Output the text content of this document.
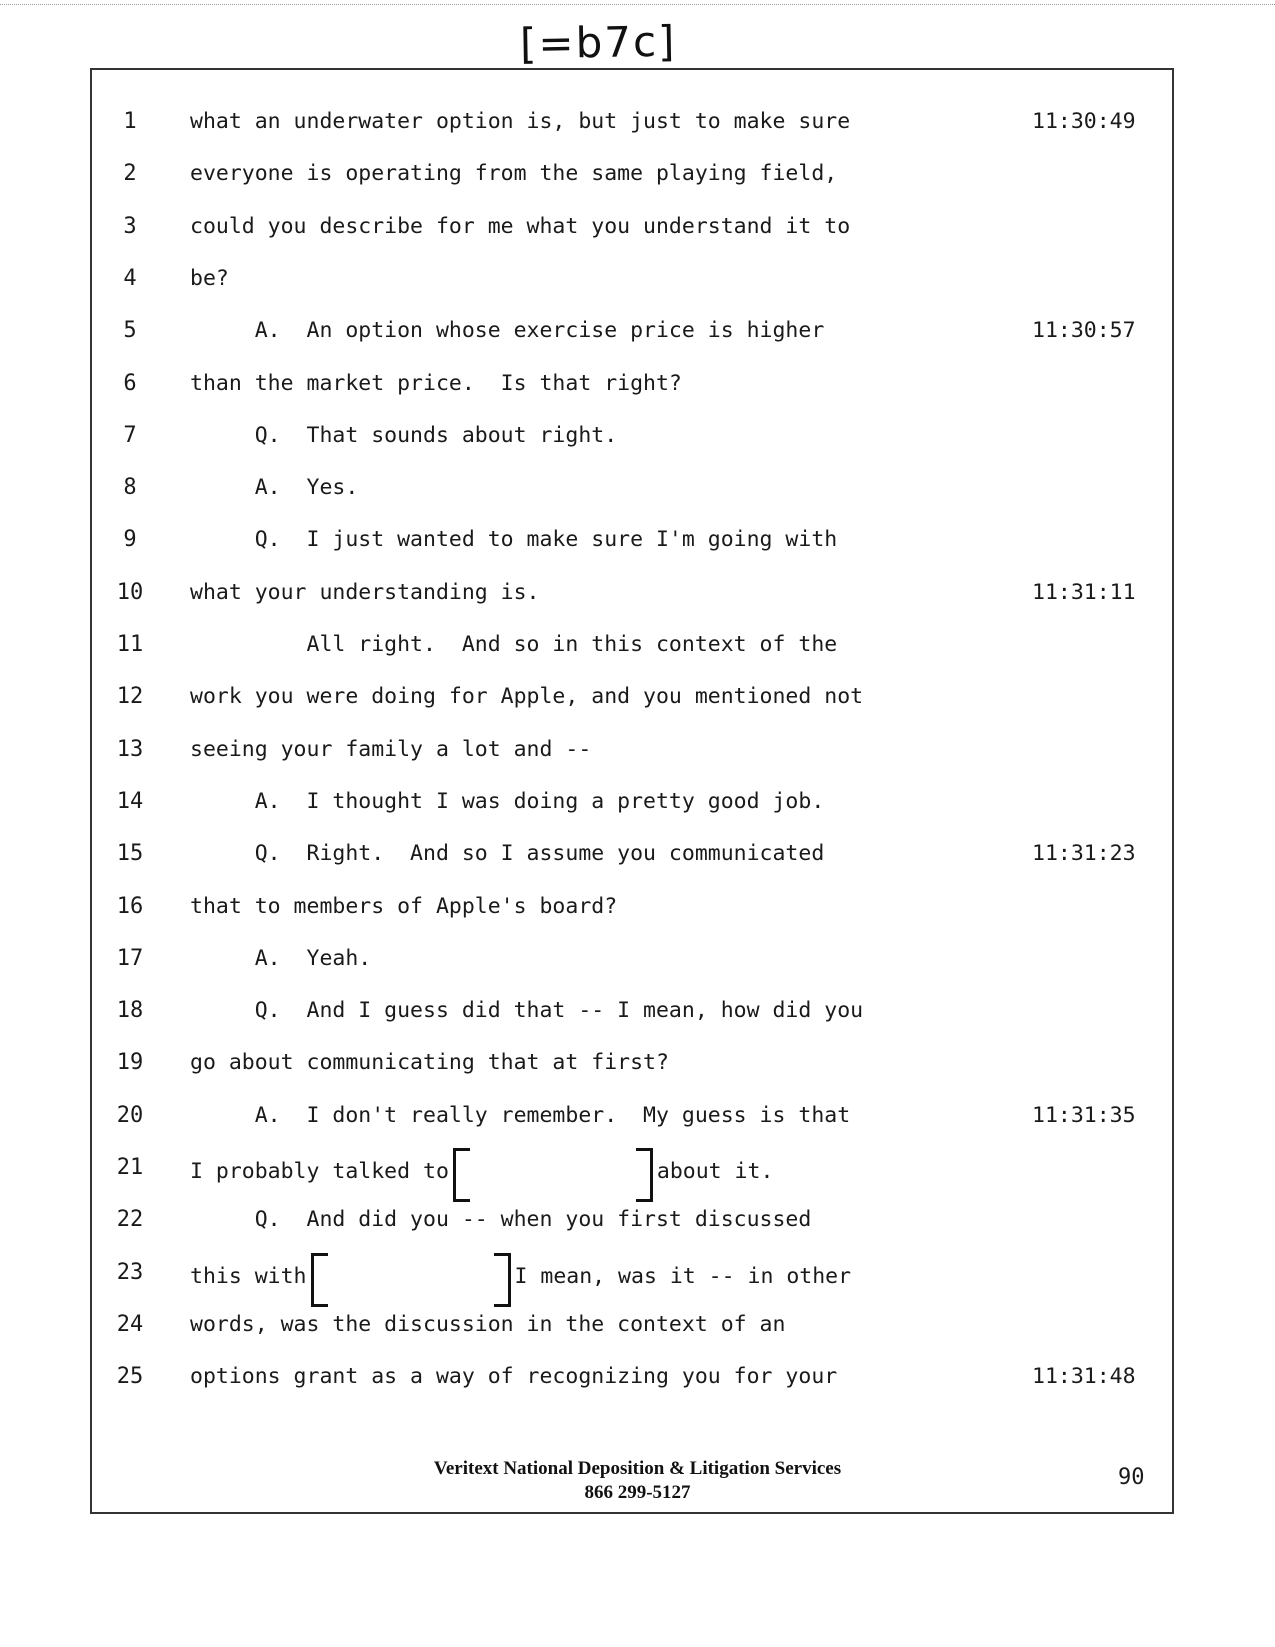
[=b7c]
1	what an underwater option is, but just to make sure	11:30:49
2	everyone is operating from the same playing field,
3	could you describe for me what you understand it to
4	be?
5	A.  An option whose exercise price is higher	11:30:57
6	than the market price.  Is that right?
7	Q.  That sounds about right.
8	A.  Yes.
9	Q.  I just wanted to make sure I'm going with
10	what your understanding is.	11:31:11
11	All right.  And so in this context of the
12	work you were doing for Apple, and you mentioned not
13	seeing your family a lot and --
14	A.  I thought I was doing a pretty good job.
15	Q.  Right.  And so I assume you communicated	11:31:23
16	that to members of Apple's board?
17	A.  Yeah.
18	Q.  And I guess did that -- I mean, how did you
19	go about communicating that at first?
20	A.  I don't really remember.  My guess is that	11:31:35
21	I probably talked to	about it.
22	Q.  And did you -- when you first discussed
23	this with	I mean, was it -- in other
24	words, was the discussion in the context of an
25	options grant as a way of recognizing you for your	11:31:48
90
Veritext National Deposition & Litigation Services
866 299-5127
